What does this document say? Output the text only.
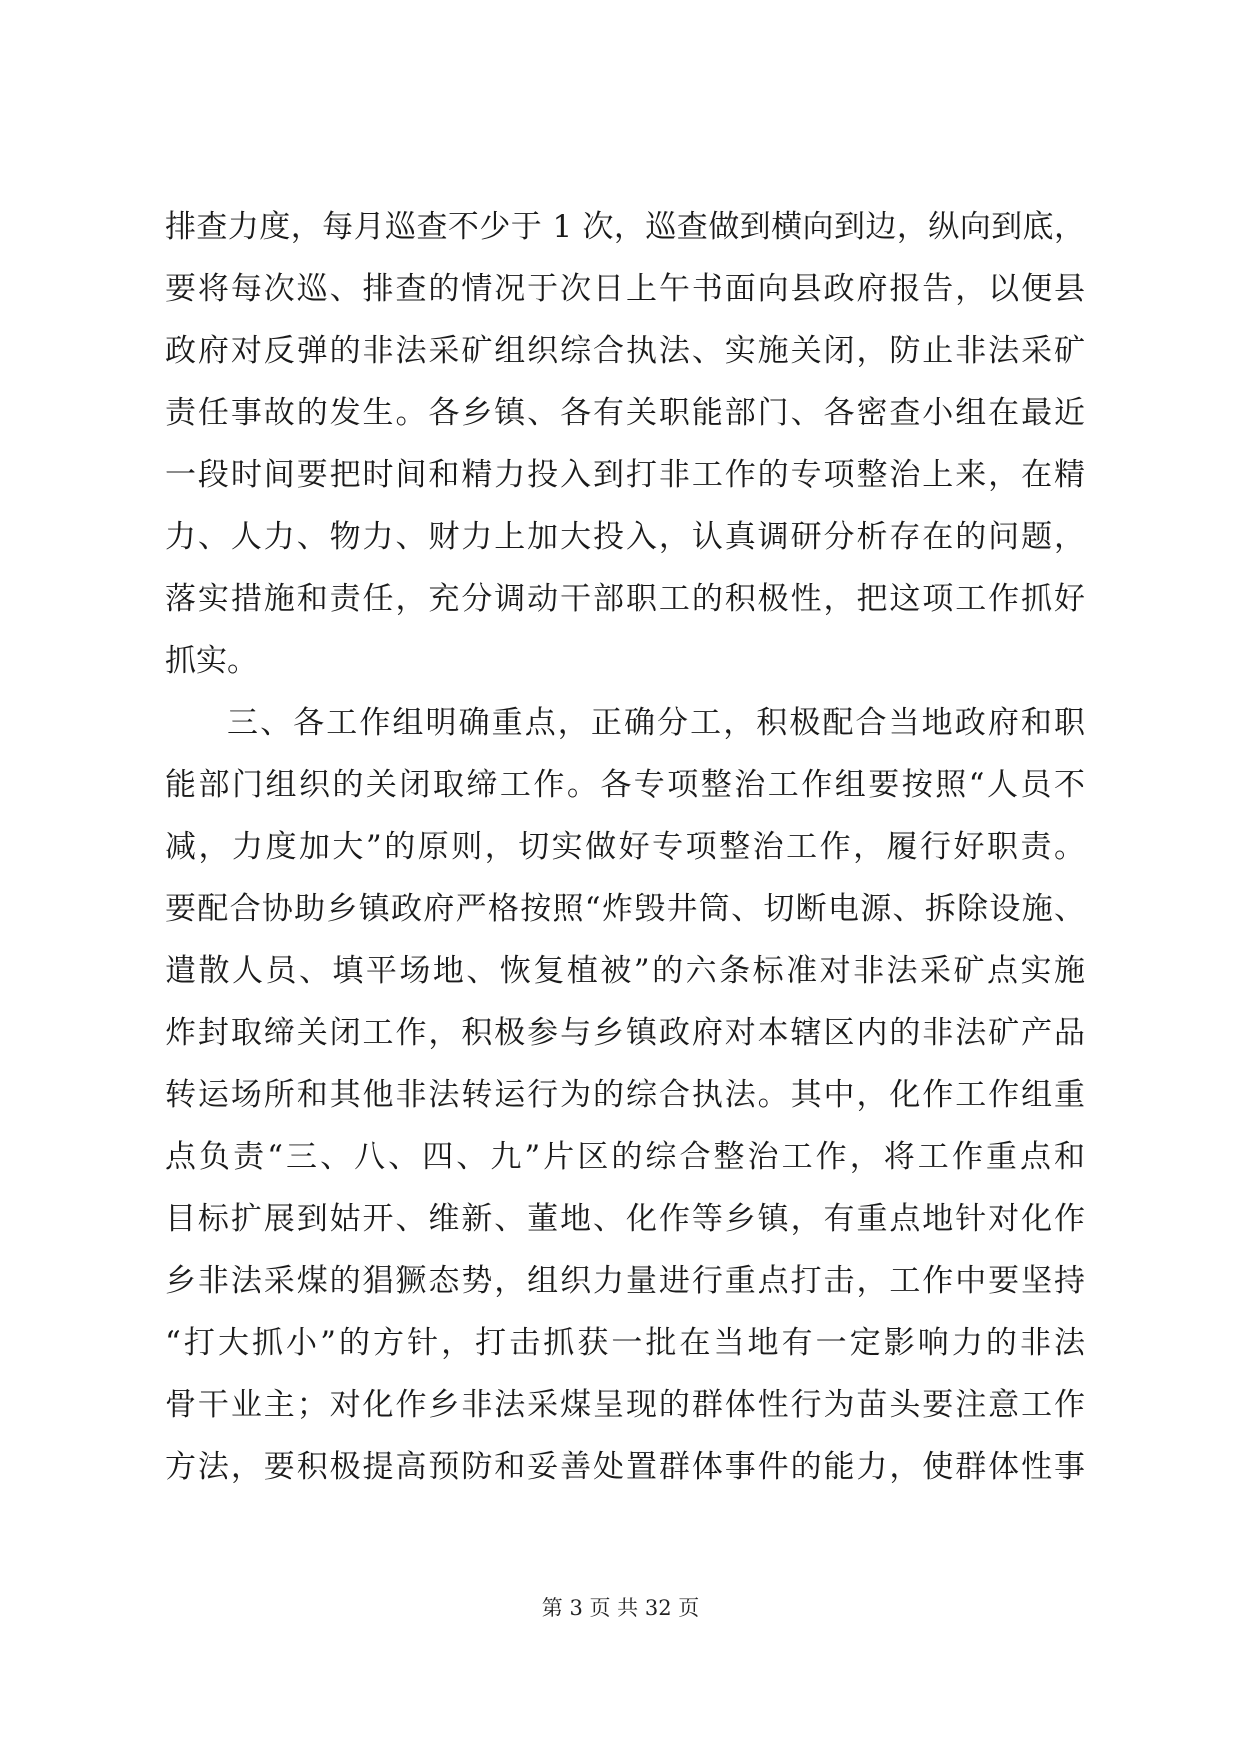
排查力度，每月巡查不少于 1 次，巡查做到横向到边，纵向到底，
要将每次巡、排查的情况于次日上午书面向县政府报告，以便县
政府对反弹的非法采矿组织综合执法、实施关闭，防止非法采矿
责任事故的发生。各乡镇、各有关职能部门、各密查小组在最近
一段时间要把时间和精力投入到打非工作的专项整治上来，在精
力、人力、物力、财力上加大投入，认真调研分析存在的问题，
落实措施和责任，充分调动干部职工的积极性，把这项工作抓好
抓实。
三、各工作组明确重点，正确分工，积极配合当地政府和职
能部门组织的关闭取缔工作。各专项整治工作组要按照“人员不
减，力度加大”的原则，切实做好专项整治工作，履行好职责。
要配合协助乡镇政府严格按照“炸毁井筒、切断电源、拆除设施、
遣散人员、填平场地、恢复植被”的六条标准对非法采矿点实施
炸封取缔关闭工作，积极参与乡镇政府对本辖区内的非法矿产品
转运场所和其他非法转运行为的综合执法。其中，化作工作组重
点负责“三、八、四、九”片区的综合整治工作，将工作重点和
目标扩展到姑开、维新、董地、化作等乡镇，有重点地针对化作
乡非法采煤的猖獗态势，组织力量进行重点打击，工作中要坚持
“打大抓小”的方针，打击抓获一批在当地有一定影响力的非法
骨干业主；对化作乡非法采煤呈现的群体性行为苗头要注意工作
方法，要积极提高预防和妥善处置群体事件的能力，使群体性事
第 3 页 共 32 页
